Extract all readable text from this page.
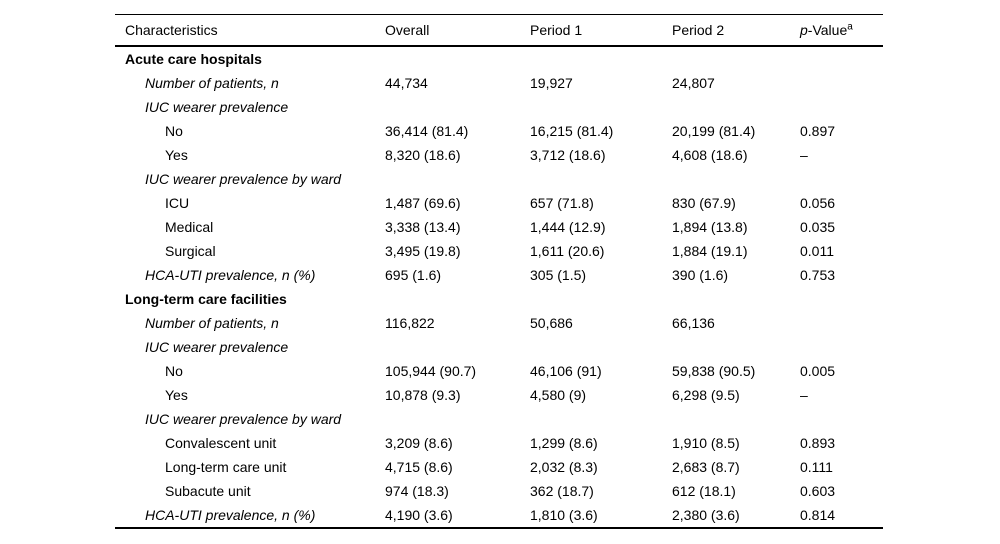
Characteristics	Overall	Period 1	Period 2	p-Value$^a$
Acute care hospitals
Number of patients, n	44,734	19,927	24,807
IUC wearer prevalence
No	36,414 (81.4)	16,215 (81.4)	20,199 (81.4)	0.897
Yes	8,320 (18.6)	3,712 (18.6)	4,608 (18.6)	–
IUC wearer prevalence by ward
ICU	1,487 (69.6)	657 (71.8)	830 (67.9)	0.056
Medical	3,338 (13.4)	1,444 (12.9)	1,894 (13.8)	0.035
Surgical	3,495 (19.8)	1,611 (20.6)	1,884 (19.1)	0.011
HCA-UTI prevalence, n (%)	695 (1.6)	305 (1.5)	390 (1.6)	0.753
Long-term care facilities
Number of patients, n	116,822	50,686	66,136
IUC wearer prevalence
No	105,944 (90.7)	46,106 (91)	59,838 (90.5)	0.005
Yes	10,878 (9.3)	4,580 (9)	6,298 (9.5)	–
IUC wearer prevalence by ward
Convalescent unit	3,209 (8.6)	1,299 (8.6)	1,910 (8.5)	0.893
Long-term care unit	4,715 (8.6)	2,032 (8.3)	2,683 (8.7)	0.111
Subacute unit	974 (18.3)	362 (18.7)	612 (18.1)	0.603
HCA-UTI prevalence, n (%)	4,190 (3.6)	1,810 (3.6)	2,380 (3.6)	0.814
